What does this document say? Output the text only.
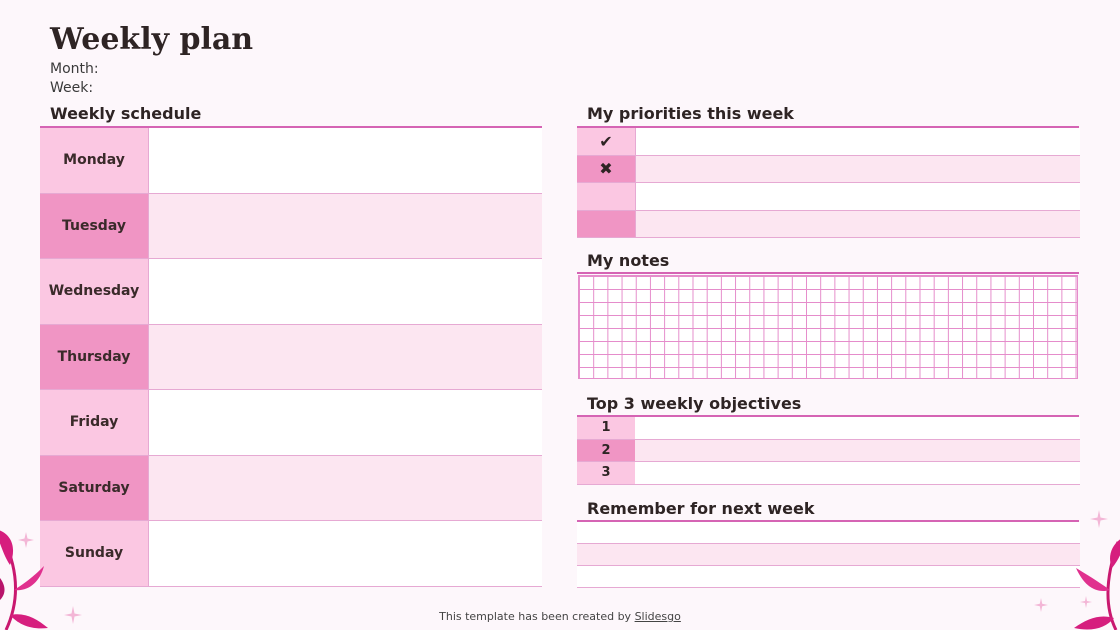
Weekly plan
Month:
Week:
Weekly schedule
Monday
Tuesday
Wednesday
Thursday
Friday
Saturday
Sunday
My priorities this week
✔
✖
My notes
Top 3 weekly objectives
1
2
3
Remember for next week
This template has been created by Slidesgo
